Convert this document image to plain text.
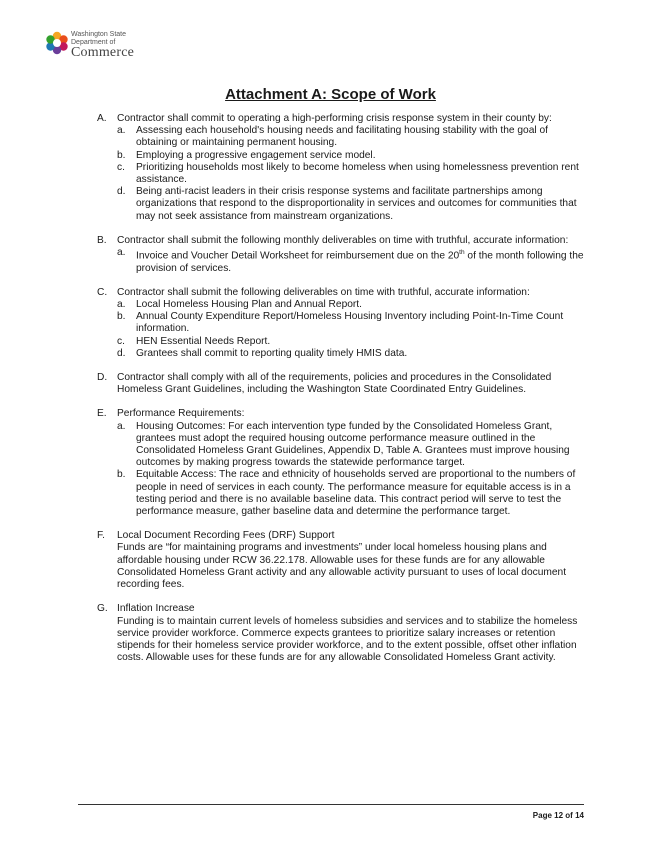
Washington State
Department of
Commerce
Attachment A: Scope of Work
A. Contractor shall commit to operating a high-performing crisis response system in their county by:

a. Assessing each household's housing needs and facilitating housing stability with the goal of obtaining or maintaining permanent housing.

b. Employing a progressive engagement service model.

c. Prioritizing households most likely to become homeless when using homelessness prevention rent assistance.

d. Being anti-racist leaders in their crisis response systems and facilitate partnerships among organizations that respond to the disproportionality in services and outcomes for communities that may not seek assistance from mainstream organizations.

B. Contractor shall submit the following monthly deliverables on time with truthful, accurate information:

a. Invoice and Voucher Detail Worksheet for reimbursement due on the 20th of the month following the provision of services.

C. Contractor shall submit the following deliverables on time with truthful, accurate information:

a. Local Homeless Housing Plan and Annual Report.

b. Annual County Expenditure Report/Homeless Housing Inventory including Point-In-Time Count information.

c. HEN Essential Needs Report.

d. Grantees shall commit to reporting quality timely HMIS data.

D. Contractor shall comply with all of the requirements, policies and procedures in the Consolidated Homeless Grant Guidelines, including the Washington State Coordinated Entry Guidelines.

E. Performance Requirements:

a. Housing Outcomes: For each intervention type funded by the Consolidated Homeless Grant, grantees must adopt the required housing outcome performance measure outlined in the Consolidated Homeless Grant Guidelines, Appendix D, Table A. Grantees must improve housing outcomes by making progress towards the statewide performance target.

b. Equitable Access: The race and ethnicity of households served are proportional to the numbers of people in need of services in each county. The performance measure for equitable access is in a testing period and there is no available baseline data. This contract period will serve to test the performance measure, gather baseline data and determine the performance target.

F. Local Document Recording Fees (DRF) Support

Funds are “for maintaining programs and investments” under local homeless housing plans and affordable housing under RCW 36.22.178. Allowable uses for these funds are for any allowable Consolidated Homeless Grant activity and any allowable activity pursuant to uses of local document recording fees.

G. Inflation Increase

Funding is to maintain current levels of homeless subsidies and services and to stabilize the homeless service provider workforce. Commerce expects grantees to prioritize salary increases or retention stipends for their homeless service provider workforce, and to the extent possible, offset other inflation costs. Allowable uses for these funds are for any allowable Consolidated Homeless Grant activity.

Page 12 of 14
